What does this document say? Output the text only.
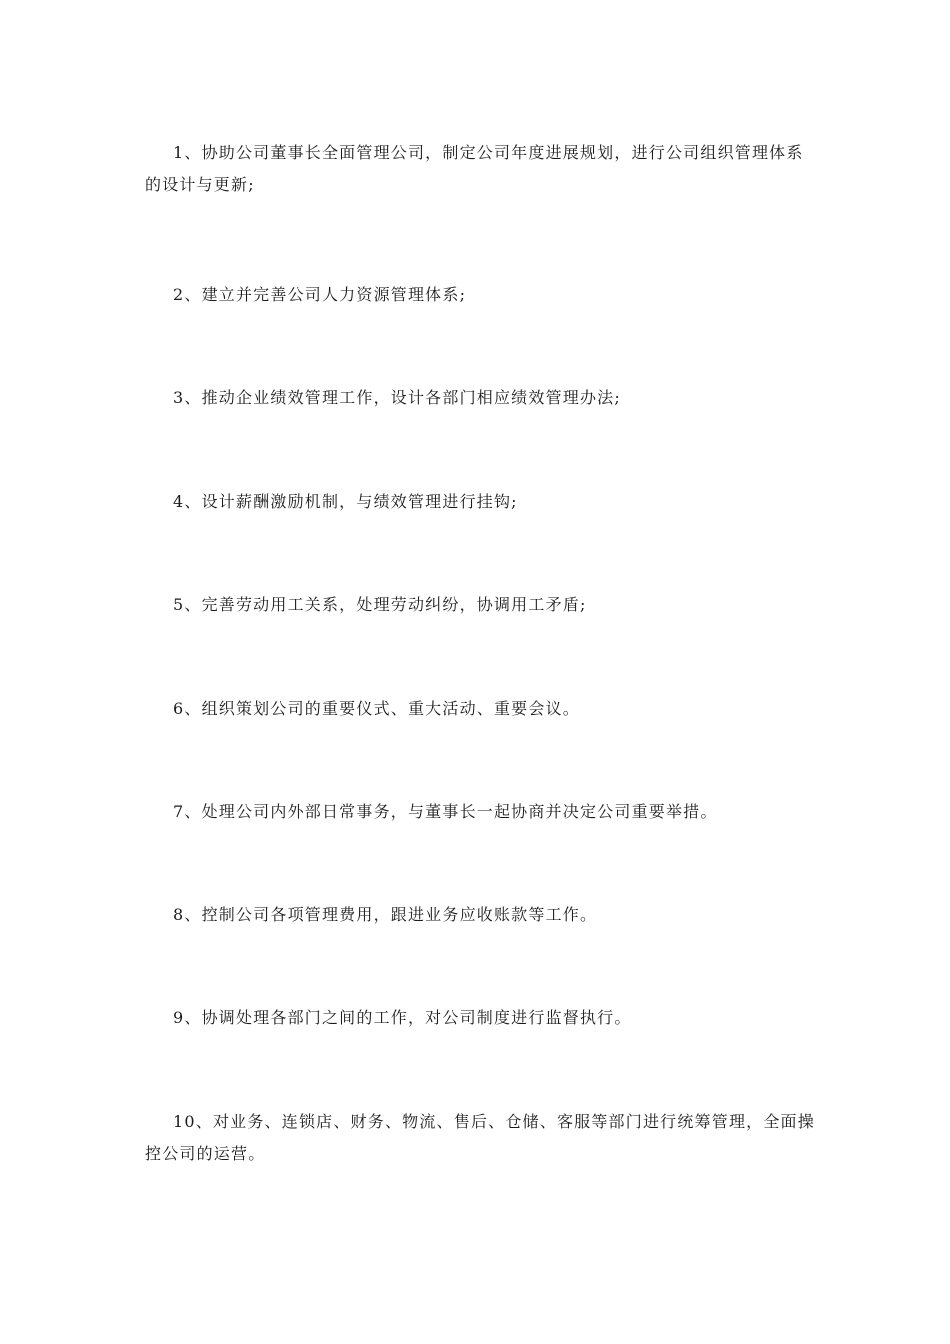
1、协助公司董事长全面管理公司，制定公司年度进展规划，进行公司组织管理体系的设计与更新;

2、建立并完善公司人力资源管理体系;

3、推动企业绩效管理工作，设计各部门相应绩效管理办法;

4、设计薪酬激励机制，与绩效管理进行挂钩;

5、完善劳动用工关系，处理劳动纠纷，协调用工矛盾;

6、组织策划公司的重要仪式、重大活动、重要会议。

7、处理公司内外部日常事务，与董事长一起协商并决定公司重要举措。

8、控制公司各项管理费用，跟进业务应收账款等工作。

9、协调处理各部门之间的工作，对公司制度进行监督执行。

10、对业务、连锁店、财务、物流、售后、仓储、客服等部门进行统筹管理，全面操控公司的运营。
